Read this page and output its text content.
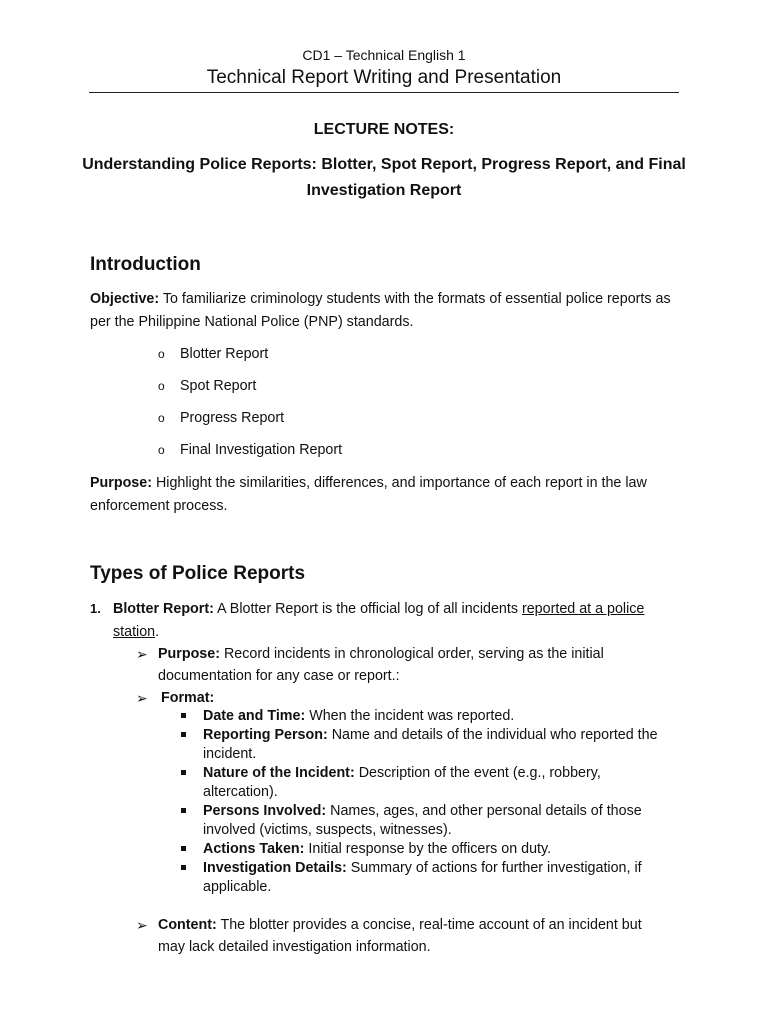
CD1 – Technical English 1
Technical Report Writing and Presentation
LECTURE NOTES:
Understanding Police Reports: Blotter, Spot Report, Progress Report, and Final Investigation Report
Introduction
Objective: To familiarize criminology students with the formats of essential police reports as per the Philippine National Police (PNP) standards.
o Blotter Report
o Spot Report
o Progress Report
o Final Investigation Report
Purpose: Highlight the similarities, differences, and importance of each report in the law enforcement process.
Types of Police Reports
1. Blotter Report: A Blotter Report is the official log of all incidents reported at a police station.
➢ Purpose: Record incidents in chronological order, serving as the initial documentation for any case or report.:
➢ Format:
Date and Time: When the incident was reported.
Reporting Person: Name and details of the individual who reported the incident.
Nature of the Incident: Description of the event (e.g., robbery, altercation).
Persons Involved: Names, ages, and other personal details of those involved (victims, suspects, witnesses).
Actions Taken: Initial response by the officers on duty.
Investigation Details: Summary of actions for further investigation, if applicable.
➢ Content: The blotter provides a concise, real-time account of an incident but may lack detailed investigation information.
